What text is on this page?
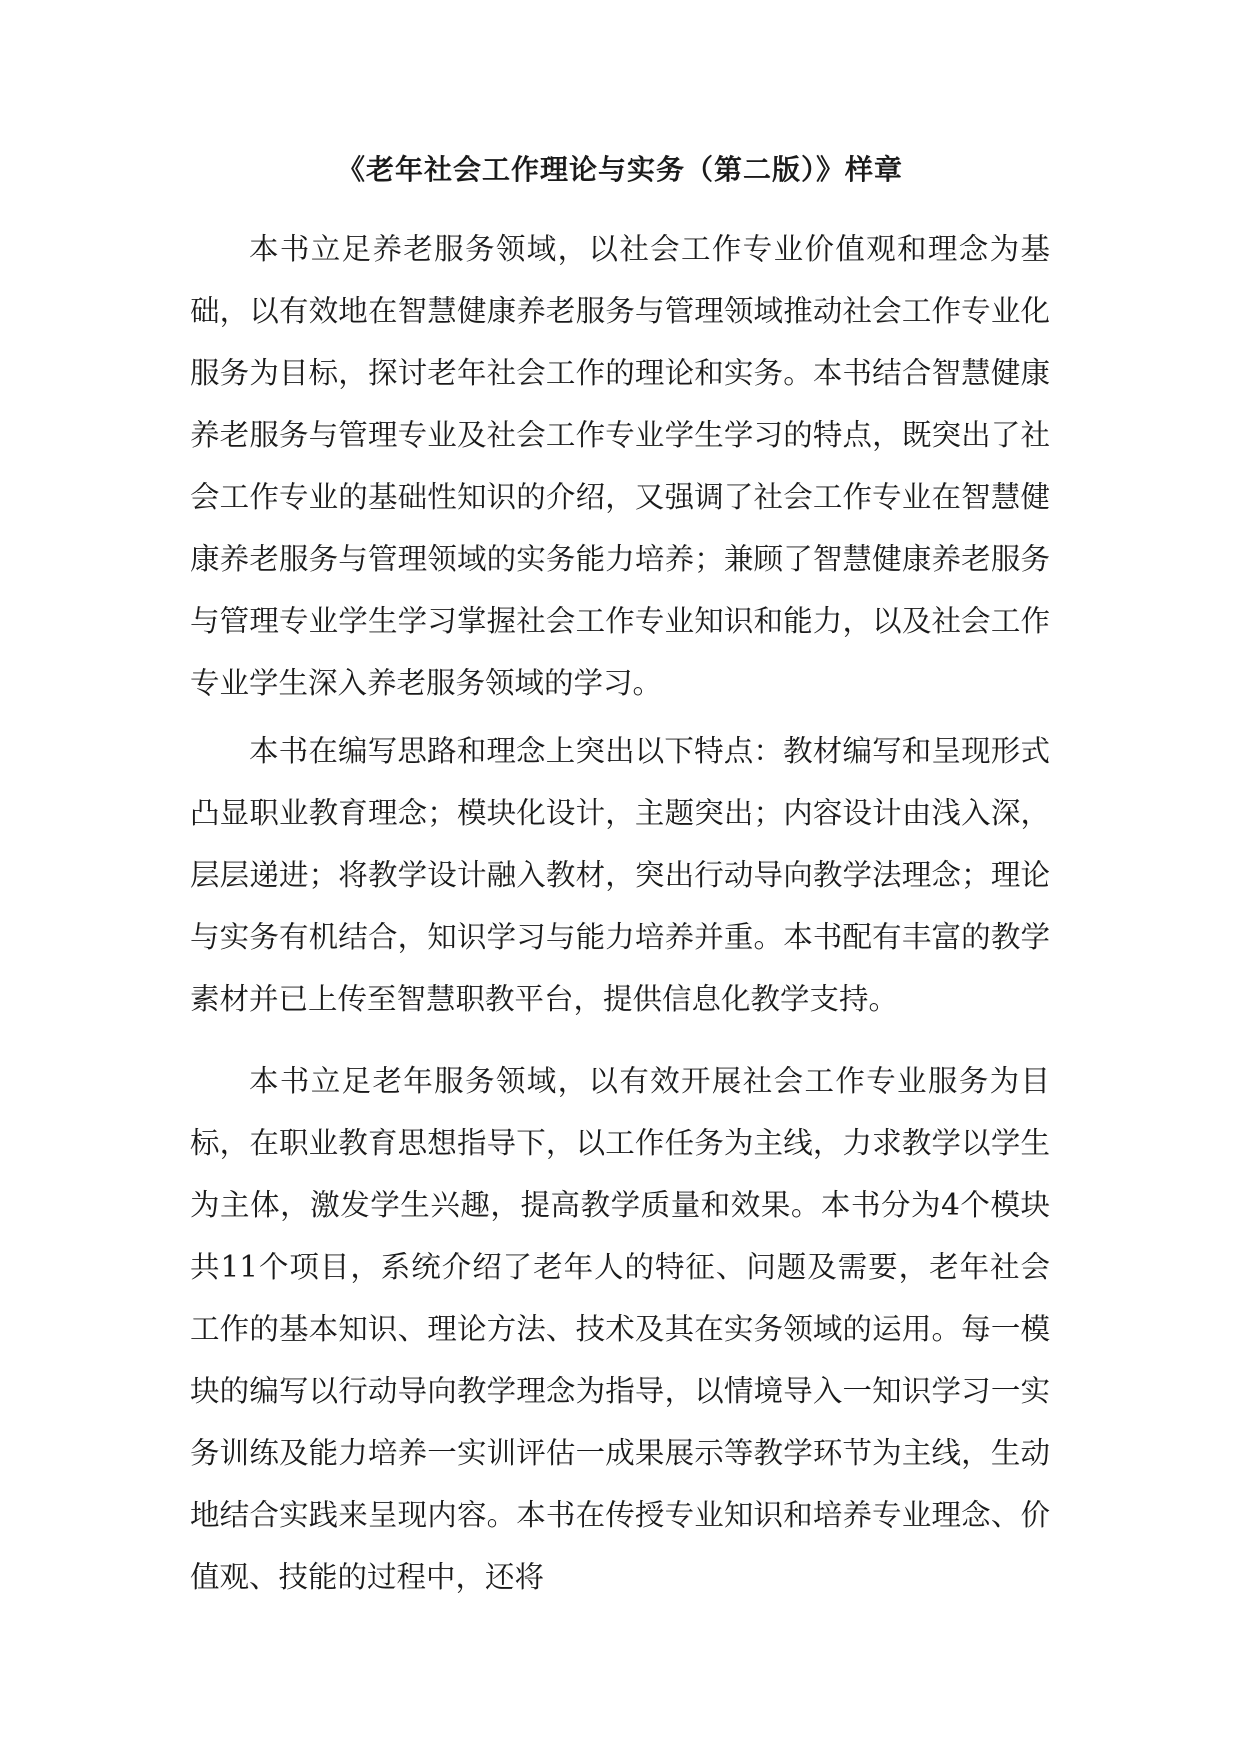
《老年社会工作理论与实务（第二版）》样章

本书立足养老服务领域，以社会工作专业价值观和理念为基础，以有效地在智慧健康养老服务与管理领域推动社会工作专业化服务为目标，探讨老年社会工作的理论和实务。本书结合智慧健康养老服务与管理专业及社会工作专业学生学习的特点，既突出了社会工作专业的基础性知识的介绍，又强调了社会工作专业在智慧健康养老服务与管理领域的实务能力培养；兼顾了智慧健康养老服务与管理专业学生学习掌握社会工作专业知识和能力，以及社会工作专业学生深入养老服务领域的学习。

本书在编写思路和理念上突出以下特点：教材编写和呈现形式凸显职业教育理念；模块化设计，主题突出；内容设计由浅入深，层层递进；将教学设计融入教材，突出行动导向教学法理念；理论与实务有机结合，知识学习与能力培养并重。本书配有丰富的教学素材并已上传至智慧职教平台，提供信息化教学支持。

本书立足老年服务领域，以有效开展社会工作专业服务为目标，在职业教育思想指导下，以工作任务为主线，力求教学以学生为主体，激发学生兴趣，提高教学质量和效果。本书分为4个模块共11个项目，系统介绍了老年人的特征、问题及需要，老年社会工作的基本知识、理论方法、技术及其在实务领域的运用。每一模块的编写以行动导向教学理念为指导，以情境导入一知识学习一实务训练及能力培养一实训评估一成果展示等教学环节为主线，生动地结合实践来呈现内容。本书在传授专业知识和培养专业理念、价值观、技能的过程中，还将
